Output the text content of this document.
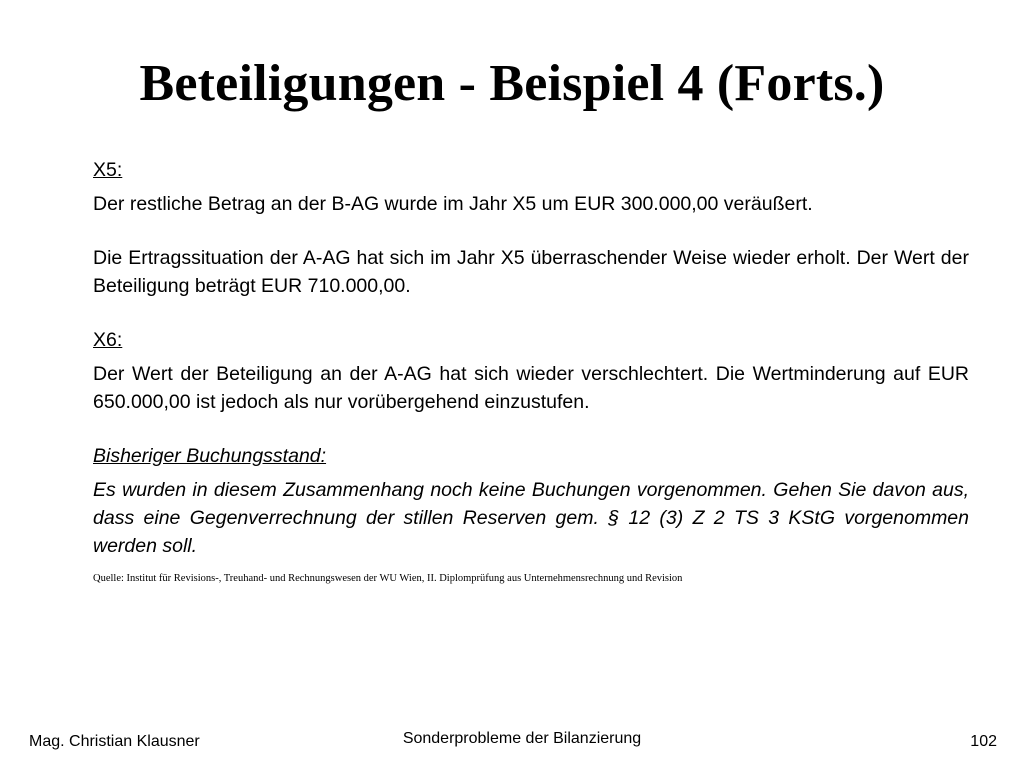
Beteiligungen - Beispiel 4 (Forts.)

X5:

Der restliche Betrag an der B-AG wurde im Jahr X5 um EUR 300.000,00 veräußert.

Die Ertragssituation der A-AG hat sich im Jahr X5 überraschender Weise wieder erholt. Der Wert der Beteiligung beträgt EUR 710.000,00.

X6:

Der Wert der Beteiligung an der A-AG hat sich wieder verschlechtert. Die Wertminderung auf EUR 650.000,00 ist jedoch als nur vorübergehend einzustufen.

Bisheriger Buchungsstand:

Es wurden in diesem Zusammenhang noch keine Buchungen vorgenommen. Gehen Sie davon aus, dass eine Gegenverrechnung der stillen Reserven gem. § 12 (3) Z 2 TS 3 KStG vorgenommen werden soll.

Quelle: Institut für Revisions-, Treuhand- und Rechnungswesen der WU Wien, II. Diplomprüfung aus Unternehmensrechnung und Revision

Mag. Christian Klausner	Sonderprobleme der Bilanzierung	102
